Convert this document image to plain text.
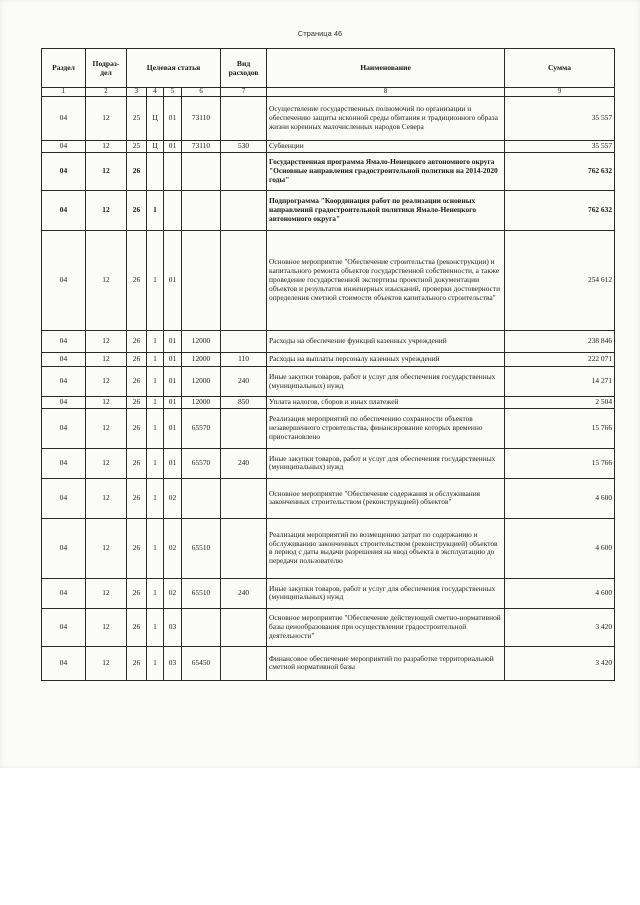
Страница 46
Раздел	Подраз-дел	Целевая статья				Вид расходов	Наименование	Сумма
1	2	3	4	5	6	7	8	9
04	12	25	Ц	01	73110		Осуществление государственных полномочий по организации и обеспечению защиты исконной среды обитания и традиционного образа жизни коренных малочисленных народов Севера	35 557
04	12	25	Ц	01	73110	530	Субвенции	35 557
04	12	26					Государственная программа Ямало-Ненецкого автономного округа "Основные направления градостроительной политики на 2014-2020 годы"	762 632
04	12	26	1				Подпрограмма "Координация работ по реализации основных направлений градостроительной политики Ямало-Ненецкого автономного округа"	762 632
04	12	26	1	01			Основное мероприятие "Обеспечение строительства (реконструкции) и капитального ремонта объектов государственной собственности, а также проведение государственной экспертизы проектной документации объектов и результатов инженерных изысканий, проверки достоверности определения сметной стоимости объектов капитального строительства"	254 612
04	12	26	1	01	12000		Расходы на обеспечение функций казенных учреждений	238 846
04	12	26	1	01	12000	110	Расходы на выплаты персоналу казенных учреждений	222 071
04	12	26	1	01	12000	240	Иные закупки товаров, работ и услуг для обеспечения государственных (муниципальных) нужд	14 271
04	12	26	1	01	12000	850	Уплата налогов, сборов и иных платежей	2 504
04	12	26	1	01	65570		Реализация мероприятий по обеспечению сохранности объектов незавершенного строительства, финансирование которых временно приостановлено	15 766
04	12	26	1	01	65570	240	Иные закупки товаров, работ и услуг для обеспечения государственных (муниципальных) нужд	15 766
04	12	26	1	02			Основное мероприятие "Обеспечение содержания и обслуживания законченных строительством (реконструкцией) объектов"	4 600
04	12	26	1	02	65510		Реализация мероприятий по возмещению затрат по содержанию и обслуживанию законченных строительством (реконструкцией) объектов в период с даты выдачи разрешения на ввод объекта в эксплуатацию до передачи пользователю	4 600
04	12	26	1	02	65510	240	Иные закупки товаров, работ и услуг для обеспечения государственных (муниципальных) нужд	4 600
04	12	26	1	03			Основное мероприятие "Обеспечение действующей сметно-нормативной базы ценообразования при осуществлении градостроительной деятельности"	3 420
04	12	26	1	03	65450		Финансовое обеспечение мероприятий по разработке территориальной сметной нормативной базы	3 420
